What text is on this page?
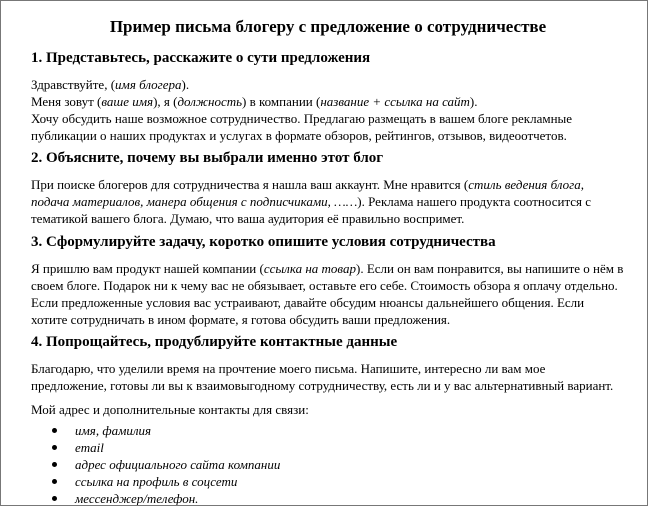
Пример письма блогеру с предложение о сотрудничестве
1. Представьтесь, расскажите о сути предложения
Здравствуйте, (имя блогера).
Меня зовут (ваше имя), я (должность) в компании (название + ссылка на сайт).
Хочу обсудить наше возможное сотрудничество. Предлагаю размещать в вашем блоге рекламные
публикации о наших продуктах и услугах в формате обзоров, рейтингов, отзывов, видеоотчетов.
2. Объясните, почему вы выбрали именно этот блог
При поиске блогеров для сотрудничества я нашла ваш аккаунт. Мне нравится (стиль ведения блога,
подача материалов, манера общения с подписчиками, ……). Реклама нашего продукта соотносится с
тематикой вашего блога. Думаю, что ваша аудитория её правильно воспримет.
3. Сформулируйте задачу, коротко опишите условия сотрудничества
Я пришлю вам продукт нашей компании (ссылка на товар). Если он вам понравится, вы напишите о нём в
своем блоге. Подарок ни к чему вас не обязывает, оставьте его себе. Стоимость обзора я оплачу отдельно.
Если предложенные условия вас устраивают, давайте обсудим нюансы дальнейшего общения. Если
хотите сотрудничать в ином формате, я готова обсудить ваши предложения.
4. Попрощайтесь, продублируйте контактные данные
Благодарю, что уделили время на прочтение моего письма. Напишите, интересно ли вам мое
предложение, готовы ли вы к взаимовыгодному сотрудничеству, есть ли и у вас альтернативный вариант.
Мой адрес и дополнительные контакты для связи:
имя, фамилия
email
адрес официального сайта компании
ссылка на профиль в соцсети
мессенджер/телефон.
